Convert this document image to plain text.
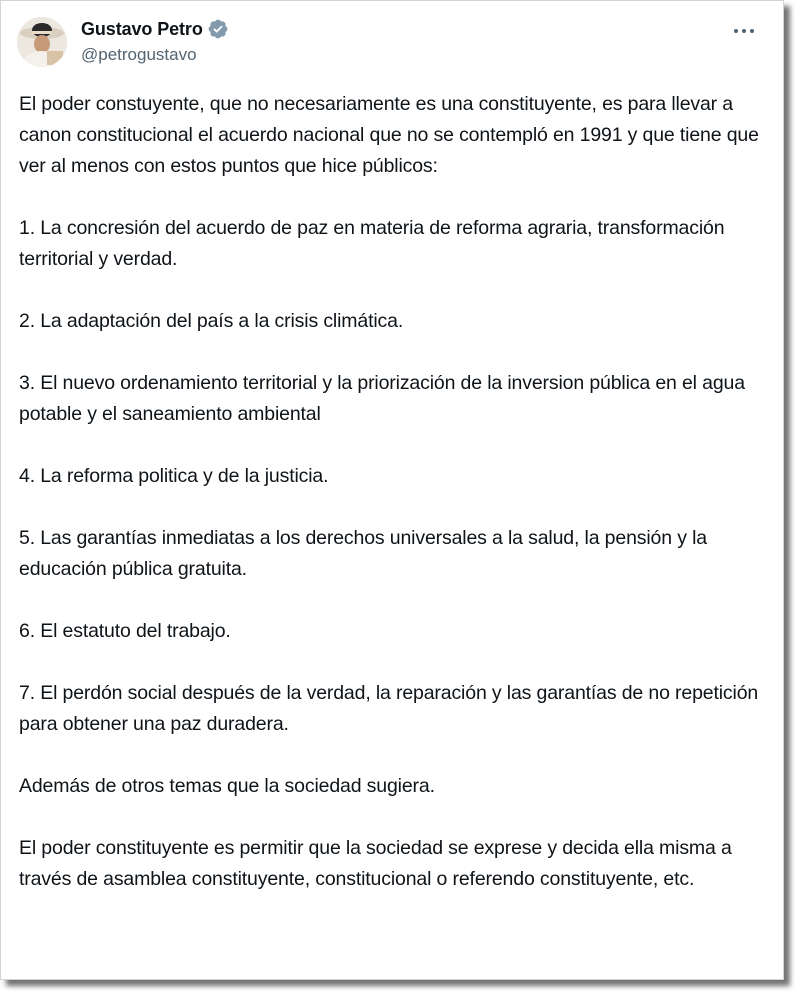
Gustavo Petro
@petrogustavo

El poder constuyente, que no necesariamente es una constituyente, es para llevar a canon constitucional el acuerdo nacional que no se contempló en 1991 y que tiene que ver al menos con estos puntos que hice públicos:

1. La concresión del acuerdo de paz en materia de reforma agraria, transformación territorial y verdad.

2. La adaptación del país a la crisis climática.

3. El nuevo ordenamiento territorial y la priorización de la inversion pública en el agua potable y el saneamiento ambiental

4. La reforma politica y de la justicia.

5. Las garantías inmediatas a los derechos universales a la salud, la pensión y la educación pública gratuita.

6. El estatuto del trabajo.

7. El perdón social después de la verdad, la reparación y las garantías de no repetición para obtener una paz duradera.

Además de otros temas que la sociedad sugiera.

El poder constituyente es permitir que la sociedad se exprese y decida ella misma a través de asamblea constituyente, constitucional o referendo constituyente, etc.
